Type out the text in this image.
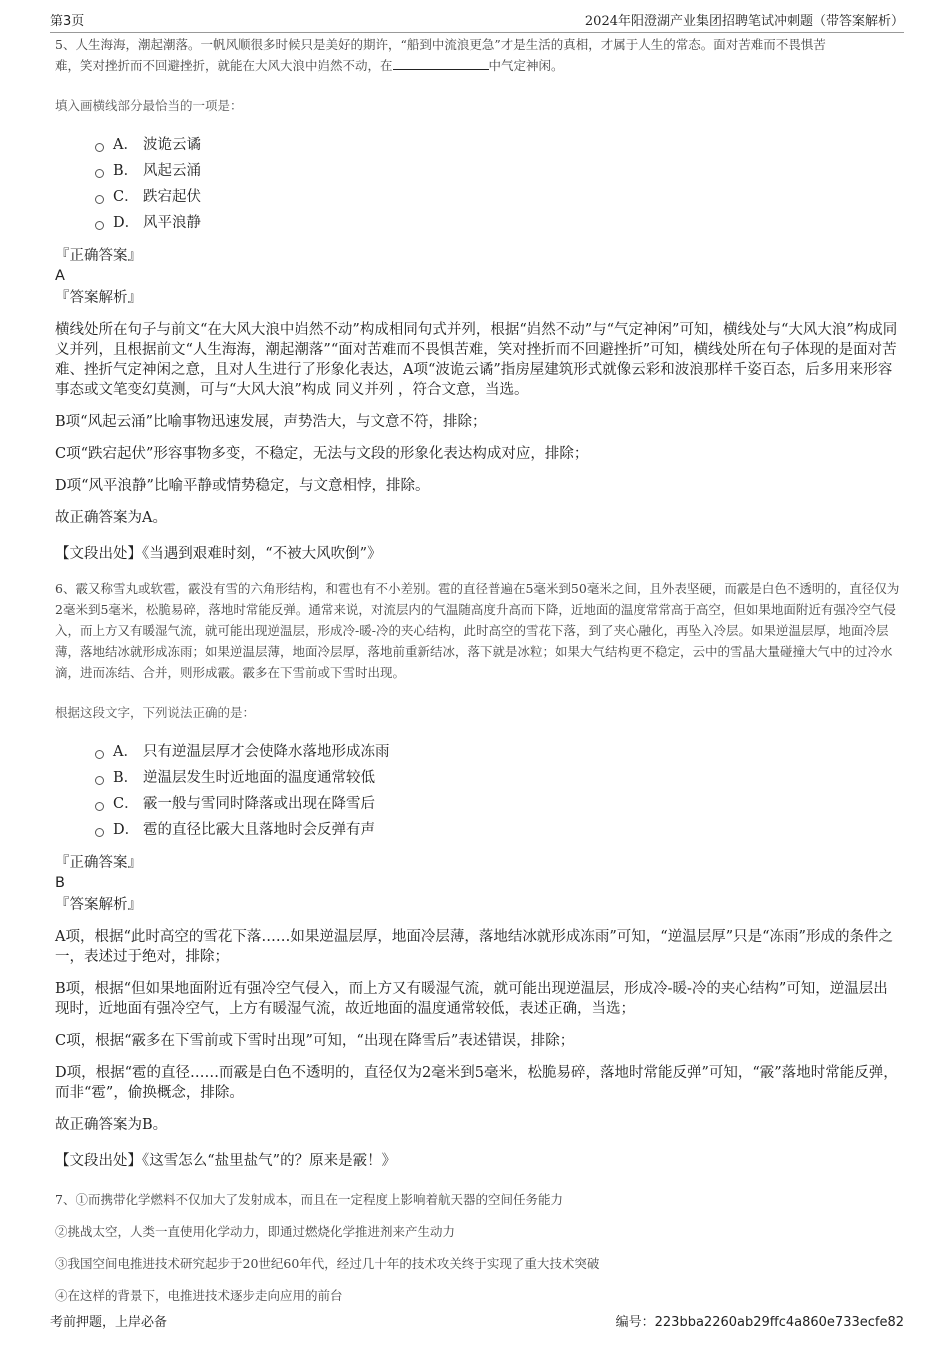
第3页	2024年阳澄湖产业集团招聘笔试冲刺题（带答案解析）

5、人生海海，潮起潮落。一帆风顺很多时候只是美好的期许，“船到中流浪更急”才是生活的真相，才属于人生的常态。面对苦难而不畏惧苦
难，笑对挫折而不回避挫折，就能在大风大浪中岿然不动，在	中气定神闲。

填入画横线部分最恰当的一项是：

A． 波诡云谲
B． 风起云涌
C． 跌宕起伏
D． 风平浪静

『正确答案』

A

『答案解析』

横线处所在句子与前文“在大风大浪中岿然不动”构成相同句式并列，根据“岿然不动”与“气定神闲”可知，横线处与“大风大浪”构成同义并列，且根据前文“人生海海，潮起潮落”“面对苦难而不畏惧苦难，笑对挫折而不回避挫折”可知，横线处所在句子体现的是面对苦难、挫折气定神闲之意，且对人生进行了形象化表达，A项“波诡云谲”指房屋建筑形式就像云彩和波浪那样千姿百态，后多用来形容事态或文笔变幻莫测，可与“大风大浪”构成 同义并列 ，符合文意，当选。

B项“风起云涌”比喻事物迅速发展，声势浩大，与文意不符，排除；

C项“跌宕起伏”形容事物多变，不稳定，无法与文段的形象化表达构成对应，排除；

D项“风平浪静”比喻平静或情势稳定，与文意相悖，排除。

故正确答案为A。

【文段出处】《当遇到艰难时刻，“不被大风吹倒”》

6、霰又称雪丸或软雹，霰没有雪的六角形结构，和雹也有不小差别。雹的直径普遍在5毫米到50毫米之间，且外表坚硬，而霰是白色不透明的，直径仅为2毫米到5毫米，松脆易碎，落地时常能反弹。通常来说，对流层内的气温随高度升高而下降，近地面的温度常常高于高空，但如果地面附近有强冷空气侵入，而上方又有暖湿气流，就可能出现逆温层，形成冷-暖-冷的夹心结构，此时高空的雪花下落，到了夹心融化，再坠入冷层。如果逆温层厚，地面冷层薄，落地结冰就形成冻雨；如果逆温层薄，地面冷层厚，落地前重新结冰，落下就是冰粒；如果大气结构更不稳定，云中的雪晶大量碰撞大气中的过冷水滴，进而冻结、合并，则形成霰。霰多在下雪前或下雪时出现。

根据这段文字，下列说法正确的是：

A． 只有逆温层厚才会使降水落地形成冻雨
B． 逆温层发生时近地面的温度通常较低
C． 霰一般与雪同时降落或出现在降雪后
D． 雹的直径比霰大且落地时会反弹有声

『正确答案』

B

『答案解析』

A项，根据“此时高空的雪花下落……如果逆温层厚，地面冷层薄，落地结冰就形成冻雨”可知，“逆温层厚”只是“冻雨”形成的条件之一，表述过于绝对，排除；

B项，根据“但如果地面附近有强冷空气侵入，而上方又有暖湿气流，就可能出现逆温层，形成冷-暖-冷的夹心结构”可知，逆温层出现时，近地面有强冷空气，上方有暖湿气流，故近地面的温度通常较低，表述正确，当选；

C项，根据“霰多在下雪前或下雪时出现”可知，“出现在降雪后”表述错误，排除；

D项，根据“雹的直径……而霰是白色不透明的，直径仅为2毫米到5毫米，松脆易碎，落地时常能反弹”可知，“霰”落地时常能反弹，而非“雹”，偷换概念，排除。

故正确答案为B。

【文段出处】《这雪怎么“盐里盐气”的？原来是霰！》

7、①而携带化学燃料不仅加大了发射成本，而且在一定程度上影响着航天器的空间任务能力

②挑战太空，人类一直使用化学动力，即通过燃烧化学推进剂来产生动力

③我国空间电推进技术研究起步于20世纪60年代，经过几十年的技术攻关终于实现了重大技术突破

④在这样的背景下，电推进技术逐步走向应用的前台

考前押题，上岸必备	编号：223bba2260ab29ffc4a860e733ecfe82
